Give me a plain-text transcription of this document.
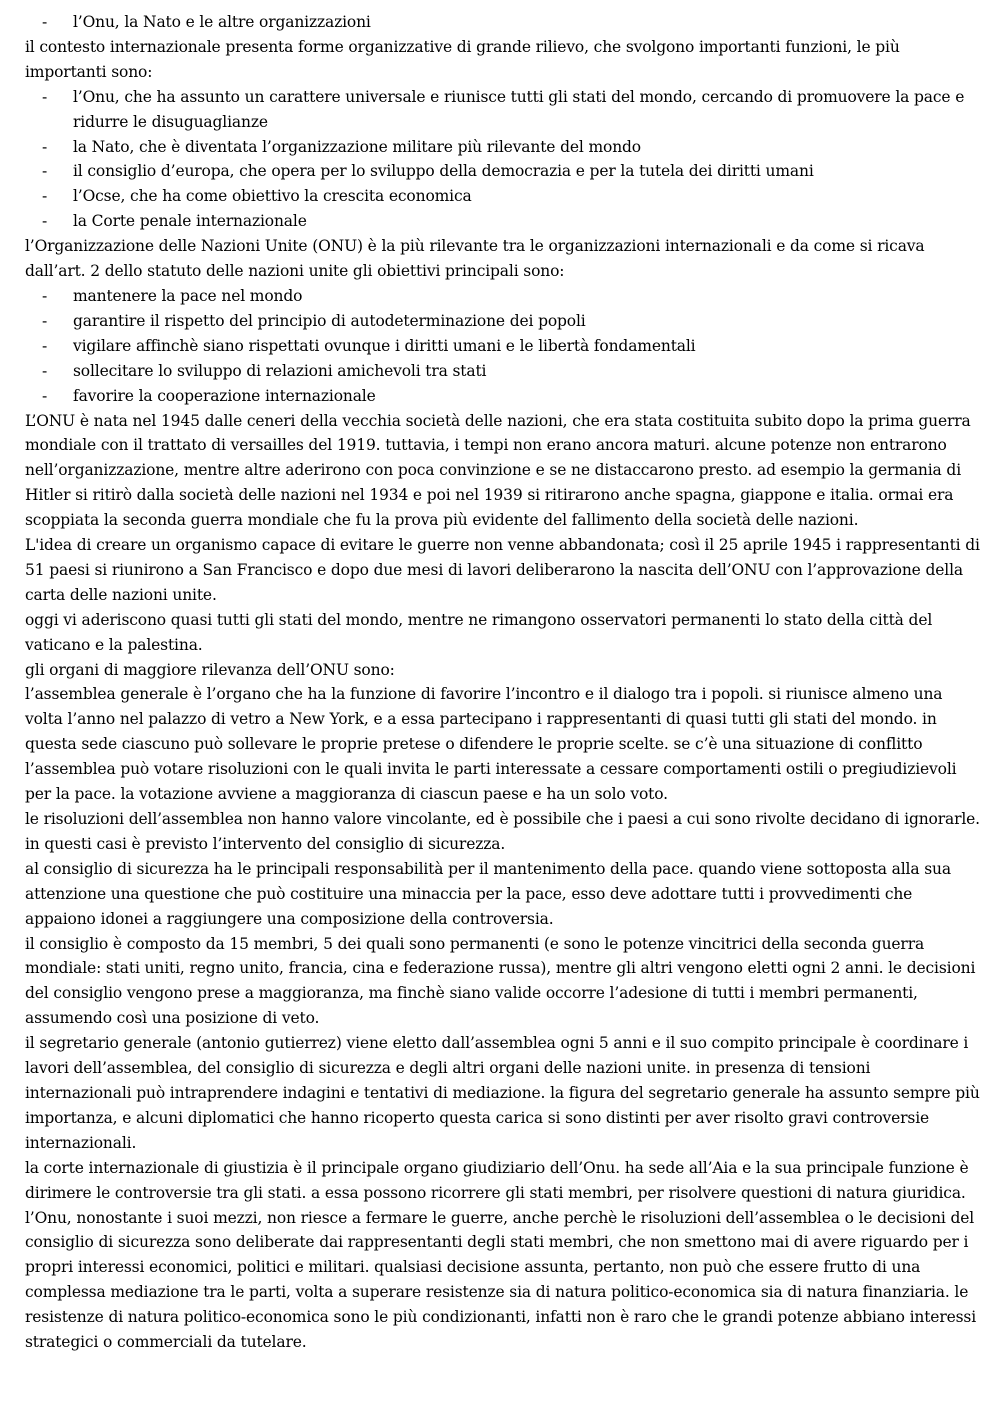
- l’Onu, la Nato e le altre organizzazioni

il contesto internazionale presenta forme organizzative di grande rilievo, che svolgono importanti funzioni, le più importanti sono:

- l’Onu, che ha assunto un carattere universale e riunisce tutti gli stati del mondo, cercando di promuovere la pace e ridurre le disuguaglianze
- la Nato, che è diventata l’organizzazione militare più rilevante del mondo
- il consiglio d’europa, che opera per lo sviluppo della democrazia e per la tutela dei diritti umani
- l’Ocse, che ha come obiettivo la crescita economica
- la Corte penale internazionale

l’Organizzazione delle Nazioni Unite (ONU) è la più rilevante tra le organizzazioni internazionali e da come si ricava dall’art. 2 dello statuto delle nazioni unite gli obiettivi principali sono:

- mantenere la pace nel mondo
- garantire il rispetto del principio di autodeterminazione dei popoli
- vigilare affinchè siano rispettati ovunque i diritti umani e le libertà fondamentali
- sollecitare lo sviluppo di relazioni amichevoli tra stati
- favorire la cooperazione internazionale

L’ONU è nata nel 1945 dalle ceneri della vecchia società delle nazioni, che era stata costituita subito dopo la prima guerra mondiale con il trattato di versailles del 1919. tuttavia, i tempi non erano ancora maturi. alcune potenze non entrarono nell’organizzazione, mentre altre aderirono con poca convinzione e se ne distaccarono presto. ad esempio la germania di Hitler si ritirò dalla società delle nazioni nel 1934 e poi nel 1939 si ritirarono anche spagna, giappone e italia. ormai era scoppiata la seconda guerra mondiale che fu la prova più evidente del fallimento della società delle nazioni.

L'idea di creare un organismo capace di evitare le guerre non venne abbandonata; così il 25 aprile 1945 i rappresentanti di 51 paesi si riunirono a San Francisco e dopo due mesi di lavori deliberarono la nascita dell’ONU con l’approvazione della carta delle nazioni unite.

oggi vi aderiscono quasi tutti gli stati del mondo, mentre ne rimangono osservatori permanenti lo stato della città del vaticano e la palestina.

gli organi di maggiore rilevanza dell’ONU sono:

l’assemblea generale è l’organo che ha la funzione di favorire l’incontro e il dialogo tra i popoli. si riunisce almeno una volta l’anno nel palazzo di vetro a New York, e a essa partecipano i rappresentanti di quasi tutti gli stati del mondo. in questa sede ciascuno può sollevare le proprie pretese o difendere le proprie scelte. se c’è una situazione di conflitto l’assemblea può votare risoluzioni con le quali invita le parti interessate a cessare comportamenti ostili o pregiudizievoli per la pace. la votazione avviene a maggioranza di ciascun paese e ha un solo voto.

le risoluzioni dell’assemblea non hanno valore vincolante, ed è possibile che i paesi a cui sono rivolte decidano di ignorarle. in questi casi è previsto l’intervento del consiglio di sicurezza.

al consiglio di sicurezza ha le principali responsabilità per il mantenimento della pace. quando viene sottoposta alla sua attenzione una questione che può costituire una minaccia per la pace, esso deve adottare tutti i provvedimenti che appaiono idonei a raggiungere una composizione della controversia.

il consiglio è composto da 15 membri, 5 dei quali sono permanenti (e sono le potenze vincitrici della seconda guerra mondiale: stati uniti, regno unito, francia, cina e federazione russa), mentre gli altri vengono eletti ogni 2 anni. le decisioni del consiglio vengono prese a maggioranza, ma finchè siano valide occorre l’adesione di tutti i membri permanenti, assumendo così una posizione di veto.

il segretario generale (antonio gutierrez) viene eletto dall’assemblea ogni 5 anni e il suo compito principale è coordinare i lavori dell’assemblea, del consiglio di sicurezza e degli altri organi delle nazioni unite. in presenza di tensioni internazionali può intraprendere indagini e tentativi di mediazione. la figura del segretario generale ha assunto sempre più importanza, e alcuni diplomatici che hanno ricoperto questa carica si sono distinti per aver risolto gravi controversie internazionali.

la corte internazionale di giustizia è il principale organo giudiziario dell’Onu. ha sede all’Aia e la sua principale funzione è dirimere le controversie tra gli stati. a essa possono ricorrere gli stati membri, per risolvere questioni di natura giuridica.

l’Onu, nonostante i suoi mezzi, non riesce a fermare le guerre, anche perchè le risoluzioni dell’assemblea o le decisioni del consiglio di sicurezza sono deliberate dai rappresentanti degli stati membri, che non smettono mai di avere riguardo per i propri interessi economici, politici e militari. qualsiasi decisione assunta, pertanto, non può che essere frutto di una complessa mediazione tra le parti, volta a superare resistenze sia di natura politico-economica sia di natura finanziaria. le resistenze di natura politico-economica sono le più condizionanti, infatti non è raro che le grandi potenze abbiano interessi strategici o commerciali da tutelare.
